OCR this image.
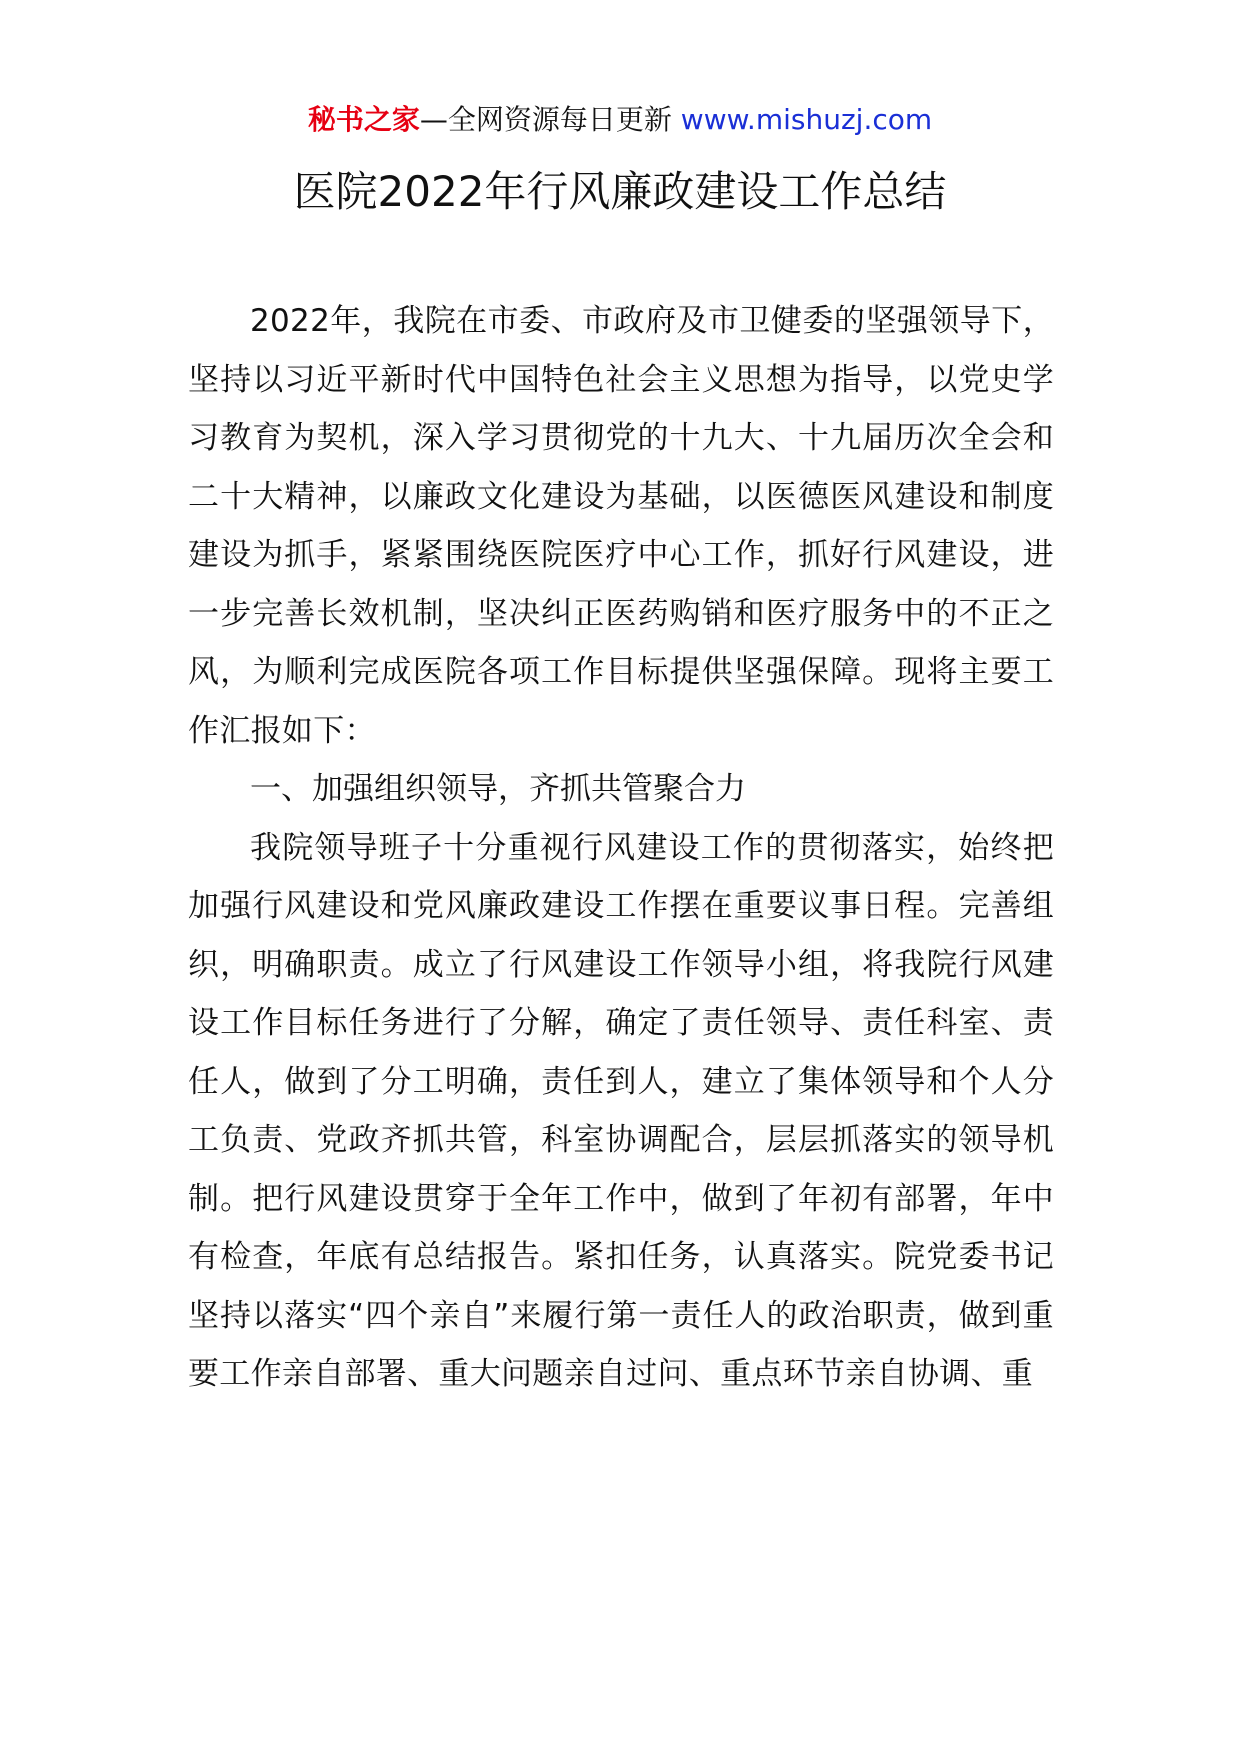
秘书之家—全网资源每日更新 www.mishuzj.com
医院2022年行风廉政建设工作总结

2022年，我院在市委、市政府及市卫健委的坚强领导下，坚持以习近平新时代中国特色社会主义思想为指导，以党史学习教育为契机，深入学习贯彻党的十九大、十九届历次全会和二十大精神，以廉政文化建设为基础，以医德医风建设和制度建设为抓手，紧紧围绕医院医疗中心工作，抓好行风建设，进一步完善长效机制，坚决纠正医药购销和医疗服务中的不正之风，为顺利完成医院各项工作目标提供坚强保障。现将主要工作汇报如下：

一、加强组织领导，齐抓共管聚合力

我院领导班子十分重视行风建设工作的贯彻落实，始终把加强行风建设和党风廉政建设工作摆在重要议事日程。完善组织，明确职责。成立了行风建设工作领导小组，将我院行风建设工作目标任务进行了分解，确定了责任领导、责任科室、责任人，做到了分工明确，责任到人，建立了集体领导和个人分工负责、党政齐抓共管，科室协调配合，层层抓落实的领导机制。把行风建设贯穿于全年工作中，做到了年初有部署，年中有检查，年底有总结报告。紧扣任务，认真落实。院党委书记坚持以落实“四个亲自”来履行第一责任人的政治职责，做到重要工作亲自部署、重大问题亲自过问、重点环节亲自协调、重
